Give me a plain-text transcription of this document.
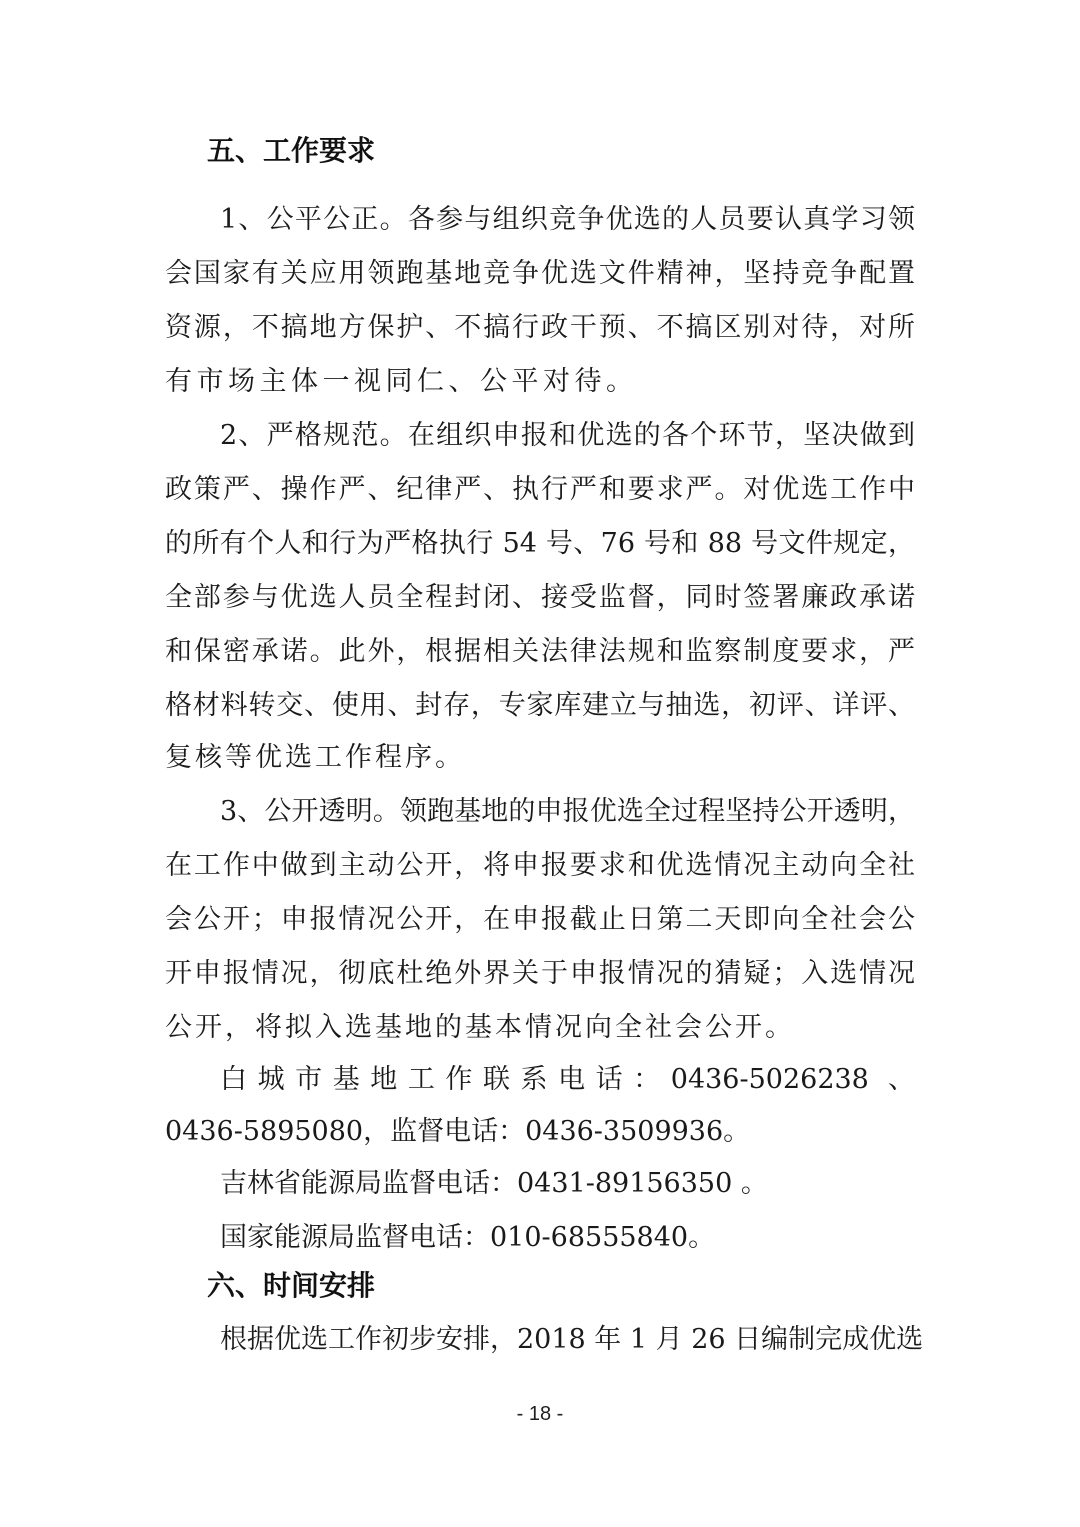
五、工作要求
1、公平公正。各参与组织竞争优选的人员要认真学习领
会国家有关应用领跑基地竞争优选文件精神，坚持竞争配置
资源，不搞地方保护、不搞行政干预、不搞区别对待，对所
有市场主体一视同仁、公平对待。
2、严格规范。在组织申报和优选的各个环节，坚决做到
政策严、操作严、纪律严、执行严和要求严。对优选工作中
的所有个人和行为严格执行 54 号、76 号和 88 号文件规定，
全部参与优选人员全程封闭、接受监督，同时签署廉政承诺
和保密承诺。此外，根据相关法律法规和监察制度要求，严
格材料转交、使用、封存，专家库建立与抽选，初评、详评、
复核等优选工作程序。
3、公开透明。领跑基地的申报优选全过程坚持公开透明，
在工作中做到主动公开，将申报要求和优选情况主动向全社
会公开；申报情况公开，在申报截止日第二天即向全社会公
开申报情况，彻底杜绝外界关于申报情况的猜疑；入选情况
公开，将拟入选基地的基本情况向全社会公开。
白城市基地工作联系电话：0436-5026238 、
0436-5895080，监督电话：0436-3509936。
吉林省能源局监督电话：0431-89156350 。
国家能源局监督电话：010-68555840。
六、时间安排
根据优选工作初步安排，2018 年 1 月 26 日编制完成优选
- 18 -
